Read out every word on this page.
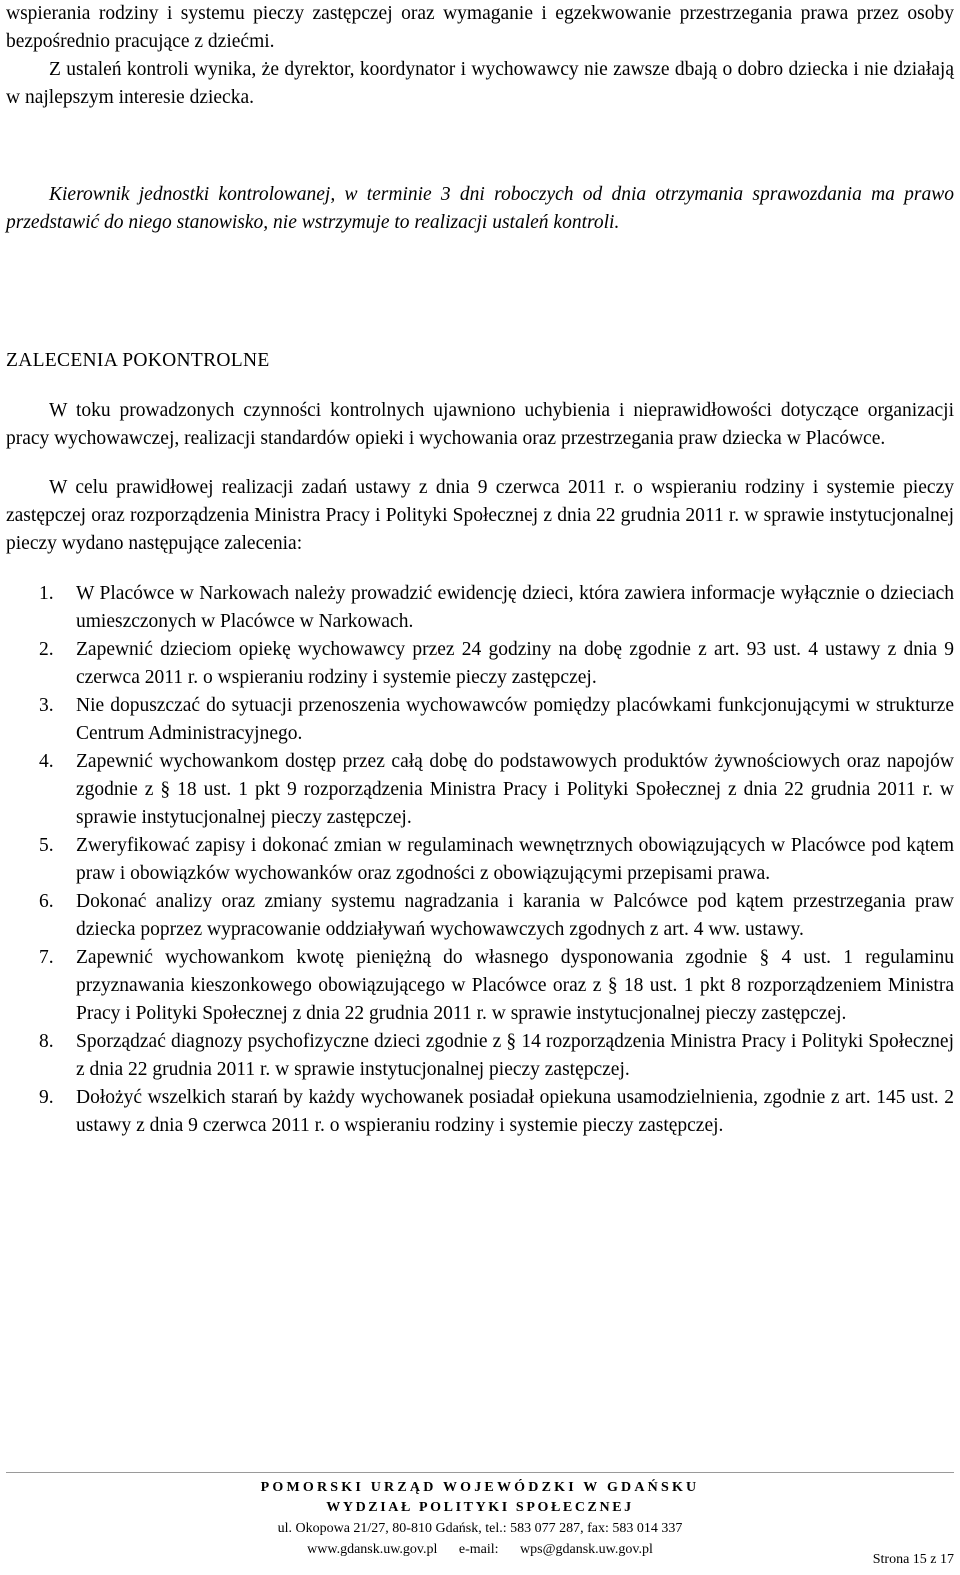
wspierania rodziny i systemu pieczy zastępczej oraz wymaganie i egzekwowanie przestrzegania prawa przez osoby bezpośrednio pracujące z dziećmi.

Z ustaleń kontroli wynika, że dyrektor, koordynator i wychowawcy nie zawsze dbają o dobro dziecka i nie działają w najlepszym interesie dziecka.

Kierownik jednostki kontrolowanej, w terminie 3 dni roboczych od dnia otrzymania sprawozdania ma prawo przedstawić do niego stanowisko, nie wstrzymuje to realizacji ustaleń kontroli.

ZALECENIA POKONTROLNE

W toku prowadzonych czynności kontrolnych ujawniono uchybienia i nieprawidłowości dotyczące organizacji pracy wychowawczej, realizacji standardów opieki i wychowania oraz przestrzegania praw dziecka w Placówce.

W celu prawidłowej realizacji zadań ustawy z dnia 9 czerwca 2011 r. o wspieraniu rodziny i systemie pieczy zastępczej oraz rozporządzenia Ministra Pracy i Polityki Społecznej z dnia 22 grudnia 2011 r. w sprawie instytucjonalnej pieczy wydano następujące zalecenia:

1. W Placówce w Narkowach należy prowadzić ewidencję dzieci, która zawiera informacje wyłącznie o dzieciach umieszczonych w Placówce w Narkowach.
2. Zapewnić dzieciom opiekę wychowawcy przez 24 godziny na dobę zgodnie z art. 93 ust. 4 ustawy z dnia 9 czerwca 2011 r. o wspieraniu rodziny i systemie pieczy zastępczej.
3. Nie dopuszczać do sytuacji przenoszenia wychowawców pomiędzy placówkami funkcjonującymi w strukturze Centrum Administracyjnego.
4. Zapewnić wychowankom dostęp przez całą dobę do podstawowych produktów żywnościowych oraz napojów zgodnie z § 18 ust. 1 pkt 9 rozporządzenia Ministra Pracy i Polityki Społecznej z dnia 22 grudnia 2011 r. w sprawie instytucjonalnej pieczy zastępczej.
5. Zweryfikować zapisy i dokonać zmian w regulaminach wewnętrznych obowiązujących w Placówce pod kątem praw i obowiązków wychowanków oraz zgodności z obowiązującymi przepisami prawa.
6. Dokonać analizy oraz zmiany systemu nagradzania i karania w Palcówce pod kątem przestrzegania praw dziecka poprzez wypracowanie oddziaływań wychowawczych zgodnych z art. 4 ww. ustawy.
7. Zapewnić wychowankom kwotę pieniężną do własnego dysponowania zgodnie § 4 ust. 1 regulaminu przyznawania kieszonkowego obowiązującego w Placówce oraz z § 18 ust. 1 pkt 8 rozporządzeniem Ministra Pracy i Polityki Społecznej z dnia 22 grudnia 2011 r. w sprawie instytucjonalnej pieczy zastępczej.
8. Sporządzać diagnozy psychofizyczne dzieci zgodnie z § 14 rozporządzenia Ministra Pracy i Polityki Społecznej z dnia 22 grudnia 2011 r. w sprawie instytucjonalnej pieczy zastępczej.
9. Dołożyć wszelkich starań by każdy wychowanek posiadał opiekuna usamodzielnienia, zgodnie z art. 145 ust. 2 ustawy z dnia 9 czerwca 2011 r. o wspieraniu rodziny i systemie pieczy zastępczej.
POMORSKI URZĄD WOJEWÓDZKI W GDAŃSKU
WYDZIAŁ POLITYKI SPOŁECZNEJ
ul. Okopowa 21/27, 80-810 Gdańsk, tel.: 583 077 287, fax: 583 014 337
www.gdansk.uw.gov.pl e-mail: wps@gdansk.uw.gov.pl
Strona 15 z 17
